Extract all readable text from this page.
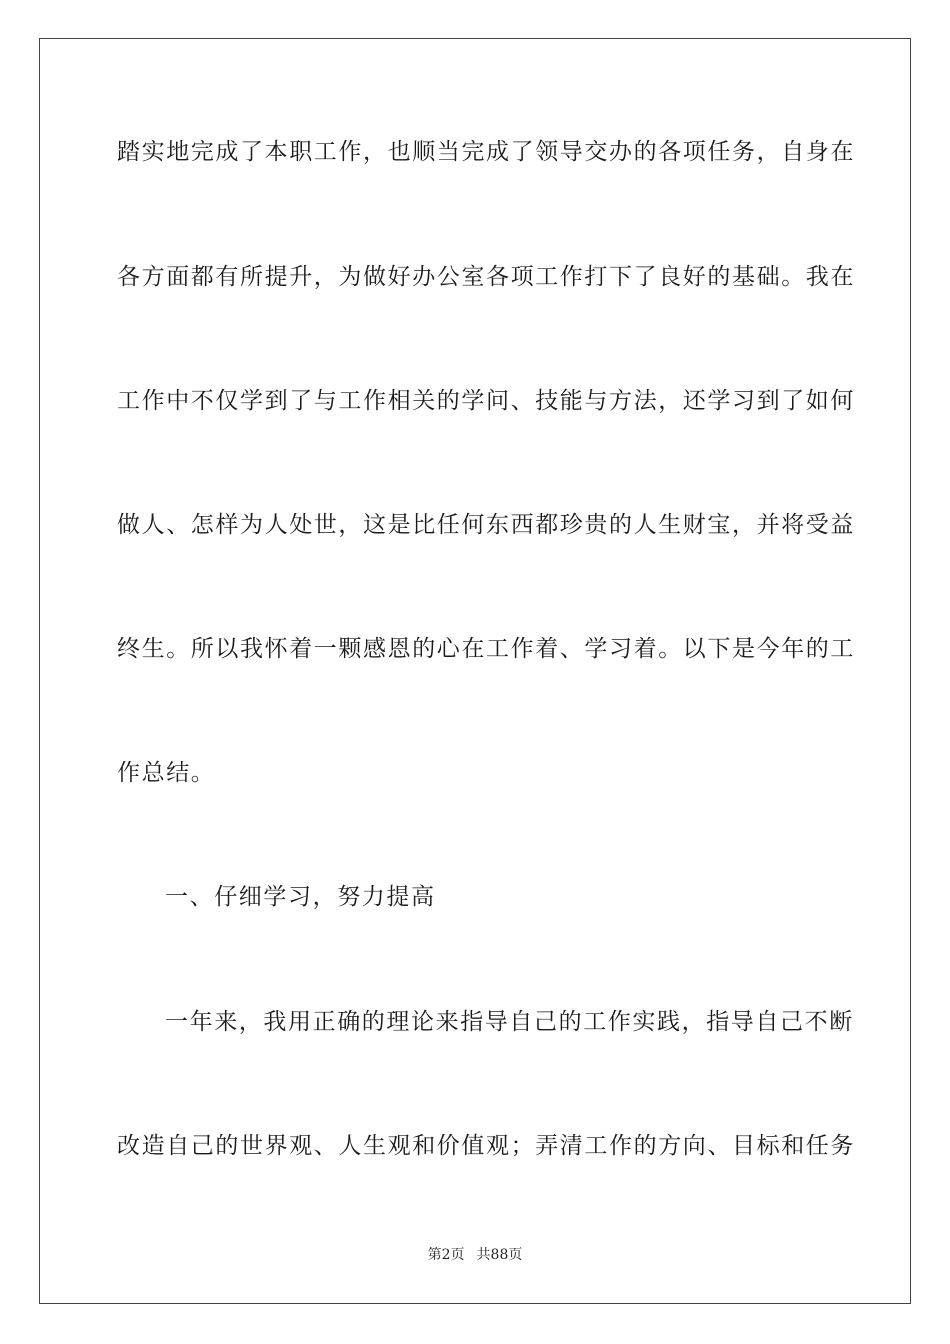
踏实地完成了本职工作，也顺当完成了领导交办的各项任务，自身在
各方面都有所提升，为做好办公室各项工作打下了良好的基础。我在
工作中不仅学到了与工作相关的学问、技能与方法，还学习到了如何
做人、怎样为人处世，这是比任何东西都珍贵的人生财宝，并将受益
终生。所以我怀着一颗感恩的心在工作着、学习着。以下是今年的工
作总结。
一、仔细学习，努力提高
一年来，我用正确的理论来指导自己的工作实践，指导自己不断
改造自己的世界观、人生观和价值观；弄清工作的方向、目标和任务
第2页 共88页
